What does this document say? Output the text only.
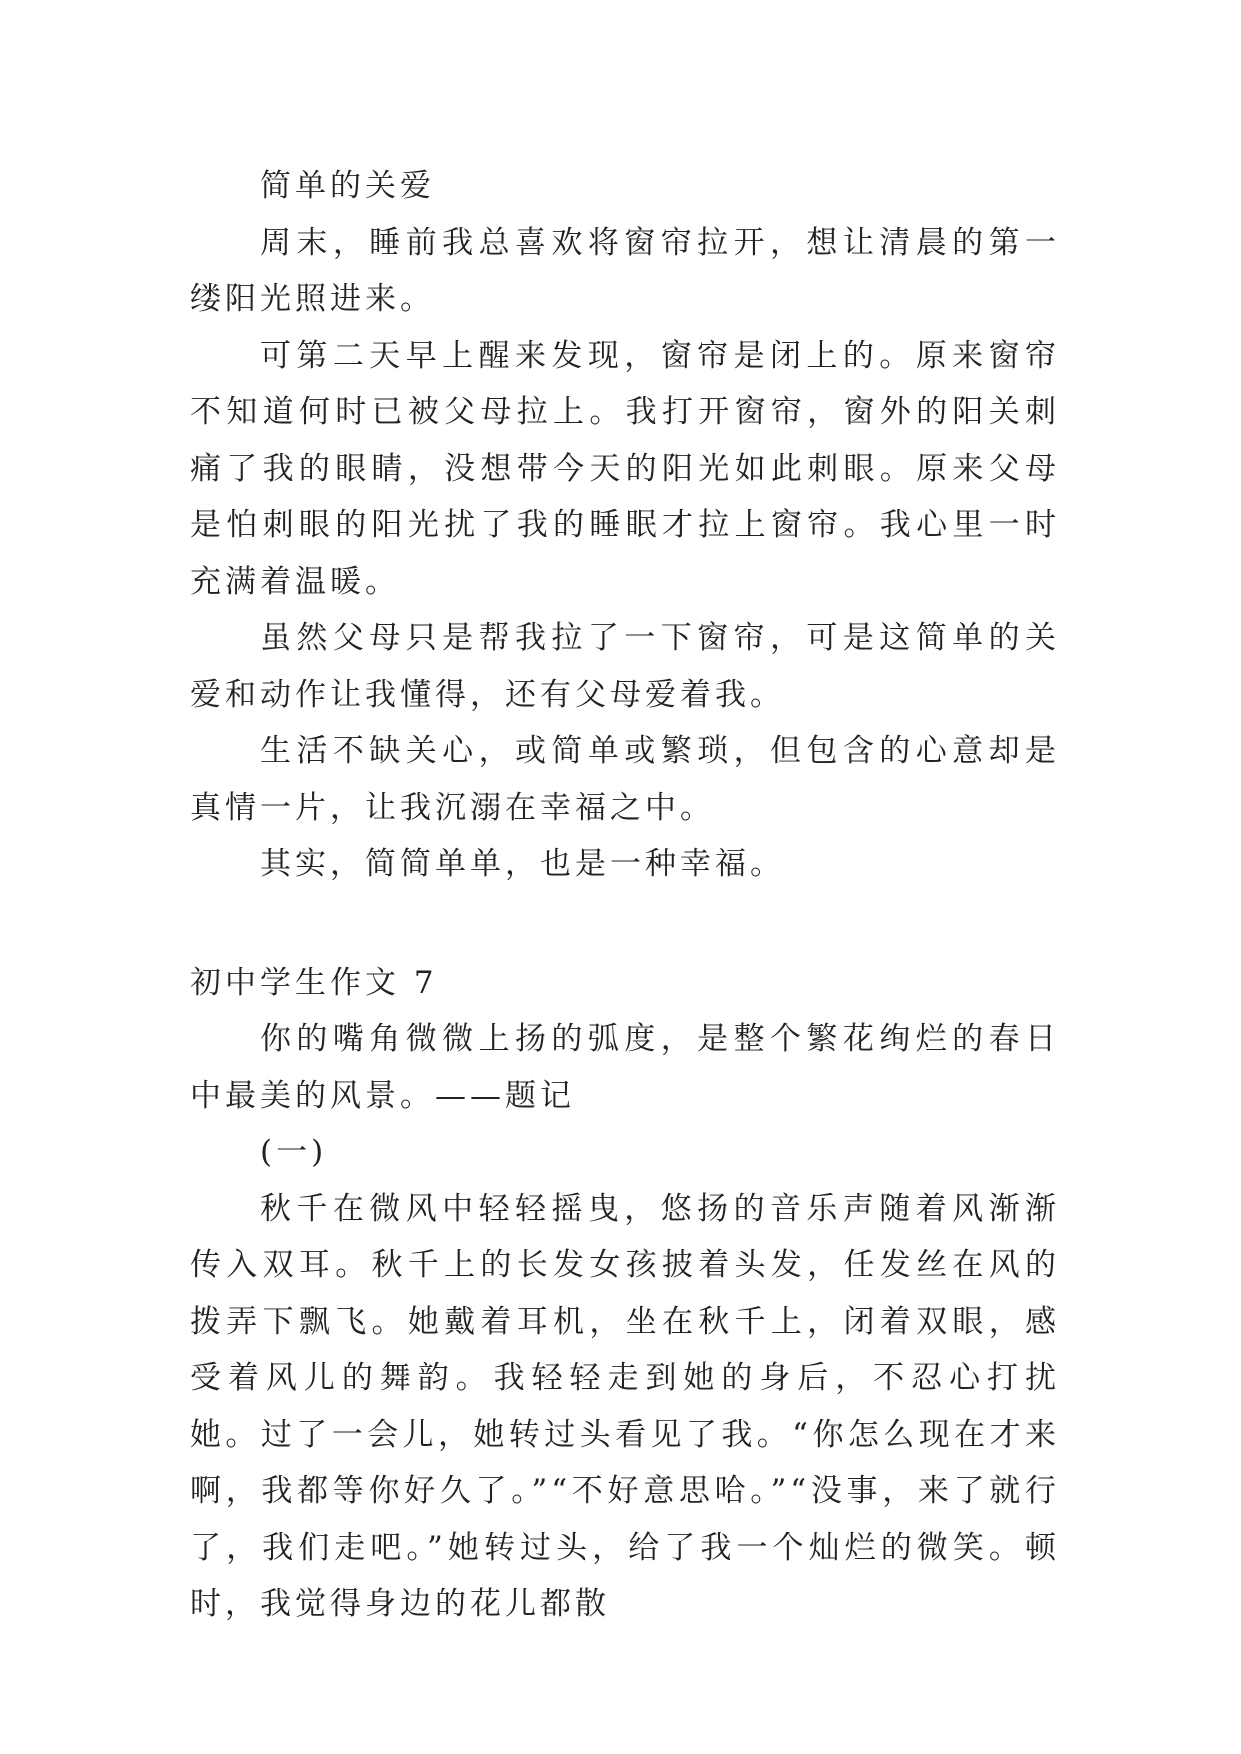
简单的关爱

周末，睡前我总喜欢将窗帘拉开，想让清晨的第一缕阳光照进来。

可第二天早上醒来发现，窗帘是闭上的。原来窗帘不知道何时已被父母拉上。我打开窗帘，窗外的阳关刺痛了我的眼睛，没想带今天的阳光如此刺眼。原来父母是怕刺眼的阳光扰了我的睡眠才拉上窗帘。我心里一时充满着温暖。

虽然父母只是帮我拉了一下窗帘，可是这简单的关爱和动作让我懂得，还有父母爱着我。

生活不缺关心，或简单或繁琐，但包含的心意却是真情一片，让我沉溺在幸福之中。

其实，简简单单，也是一种幸福。

初中学生作文 7

你的嘴角微微上扬的弧度，是整个繁花绚烂的春日中最美的风景。——题记

(一)

秋千在微风中轻轻摇曳，悠扬的音乐声随着风渐渐传入双耳。秋千上的长发女孩披着头发，任发丝在风的拨弄下飘飞。她戴着耳机，坐在秋千上，闭着双眼，感受着风儿的舞韵。我轻轻走到她的身后，不忍心打扰她。过了一会儿，她转过头看见了我。“你怎么现在才来啊，我都等你好久了。”“不好意思哈。”“没事，来了就行了，我们走吧。”她转过头，给了我一个灿烂的微笑。顿时，我觉得身边的花儿都散
